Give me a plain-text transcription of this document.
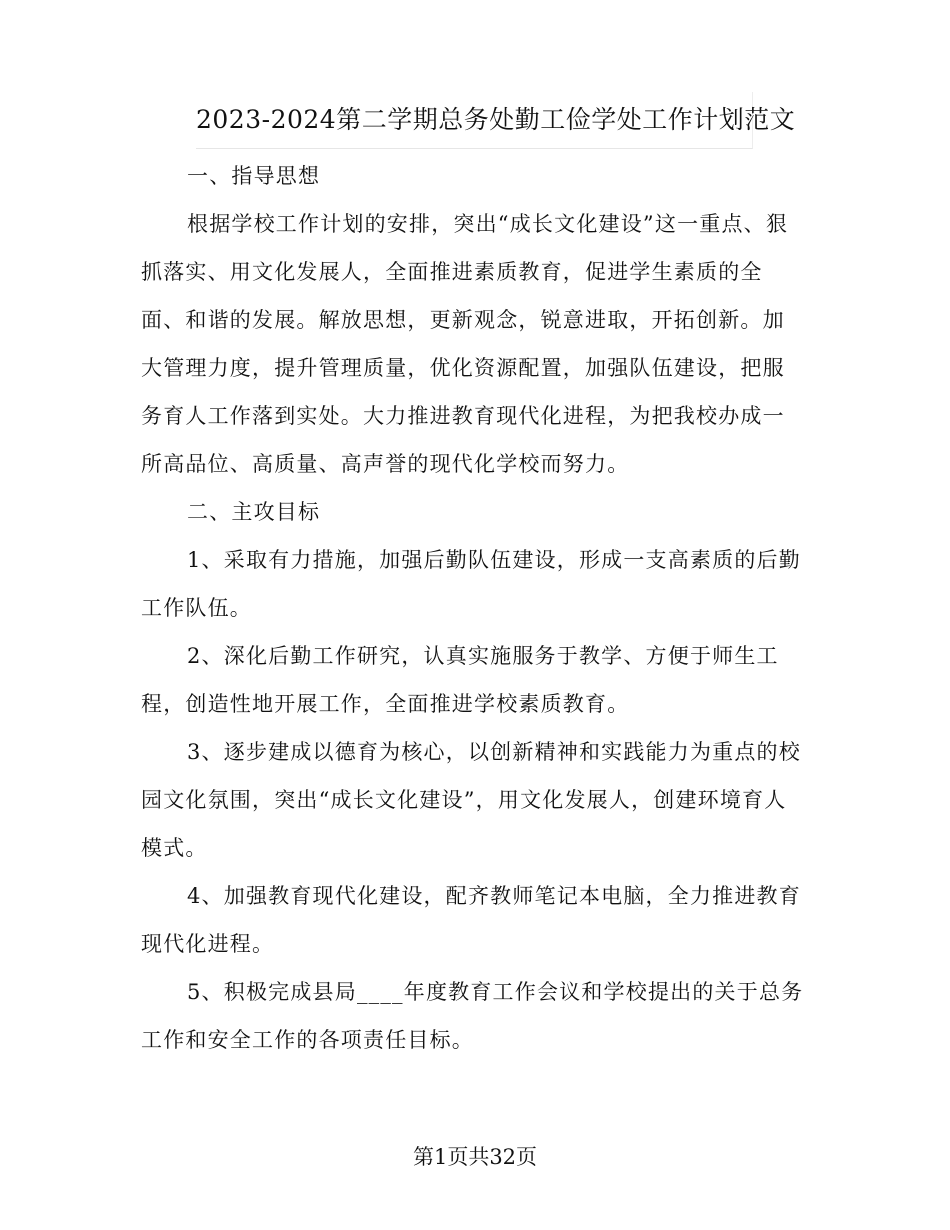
2023-2024第二学期总务处勤工俭学处工作计划范文

一、指导思想

根据学校工作计划的安排，突出“成长文化建设”这一重点、狠抓落实、用文化发展人，全面推进素质教育，促进学生素质的全面、和谐的发展。解放思想，更新观念，锐意进取，开拓创新。加大管理力度，提升管理质量，优化资源配置，加强队伍建设，把服务育人工作落到实处。大力推进教育现代化进程，为把我校办成一所高品位、高质量、高声誉的现代化学校而努力。

二、主攻目标

1、采取有力措施，加强后勤队伍建设，形成一支高素质的后勤工作队伍。

2、深化后勤工作研究，认真实施服务于教学、方便于师生工程，创造性地开展工作，全面推进学校素质教育。

3、逐步建成以德育为核心，以创新精神和实践能力为重点的校园文化氛围，突出“成长文化建设”，用文化发展人，创建环境育人模式。

4、加强教育现代化建设，配齐教师笔记本电脑，全力推进教育现代化进程。

5、积极完成县局____年度教育工作会议和学校提出的关于总务工作和安全工作的各项责任目标。

第1页共32页
